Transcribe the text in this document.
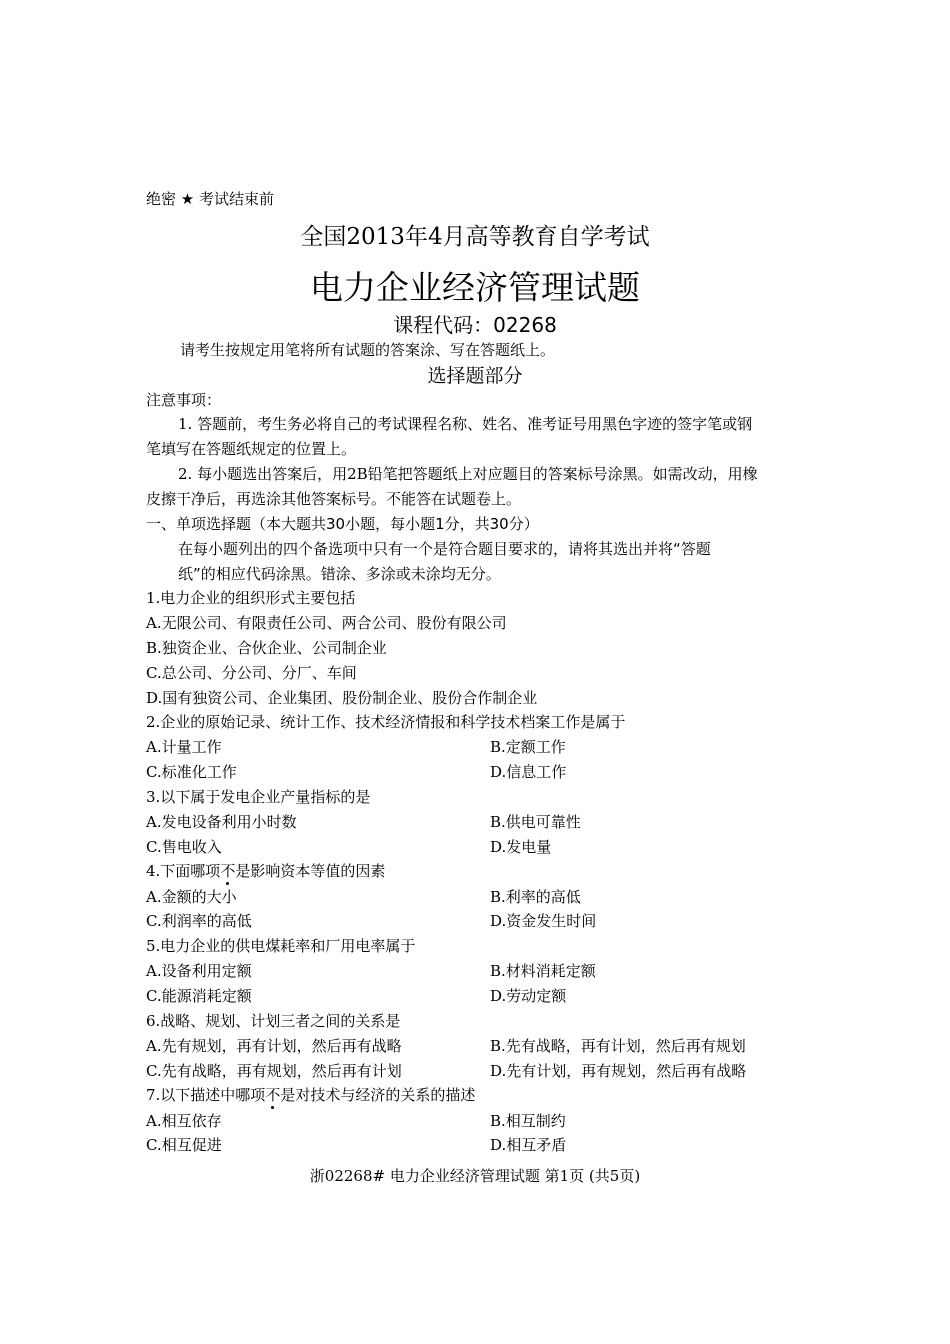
绝密 ★ 考试结束前
全国2013年4月高等教育自学考试
电力企业经济管理试题
课程代码：02268
请考生按规定用笔将所有试题的答案涂、写在答题纸上。
选择题部分
注意事项：
1. 答题前，考生务必将自己的考试课程名称、姓名、准考证号用黑色字迹的签字笔或钢
笔填写在答题纸规定的位置上。
2. 每小题选出答案后，用2B铅笔把答题纸上对应题目的答案标号涂黑。如需改动，用橡
皮擦干净后，再选涂其他答案标号。不能答在试题卷上。
一、单项选择题（本大题共30小题，每小题1分，共30分）
在每小题列出的四个备选项中只有一个是符合题目要求的，请将其选出并将“答题
纸”的相应代码涂黑。错涂、多涂或未涂均无分。
1.电力企业的组织形式主要包括
A.无限公司、有限责任公司、两合公司、股份有限公司
B.独资企业、合伙企业、公司制企业
C.总公司、分公司、分厂、车间
D.国有独资公司、企业集团、股份制企业、股份合作制企业
2.企业的原始记录、统计工作、技术经济情报和科学技术档案工作是属于
A.计量工作	B.定额工作
C.标准化工作	D.信息工作
3.以下属于发电企业产量指标的是
A.发电设备利用小时数	B.供电可靠性
C.售电收入	D.发电量
4.下面哪项不是影响资本等值的因素
A.金额的大小	B.利率的高低
C.利润率的高低	D.资金发生时间
5.电力企业的供电煤耗率和厂用电率属于
A.设备利用定额	B.材料消耗定额
C.能源消耗定额	D.劳动定额
6.战略、规划、计划三者之间的关系是
A.先有规划，再有计划，然后再有战略	B.先有战略，再有计划，然后再有规划
C.先有战略，再有规划，然后再有计划	D.先有计划，再有规划，然后再有战略
7.以下描述中哪项不是对技术与经济的关系的描述
A.相互依存	B.相互制约
C.相互促进	D.相互矛盾
浙02268# 电力企业经济管理试题 第1页 (共5页)
